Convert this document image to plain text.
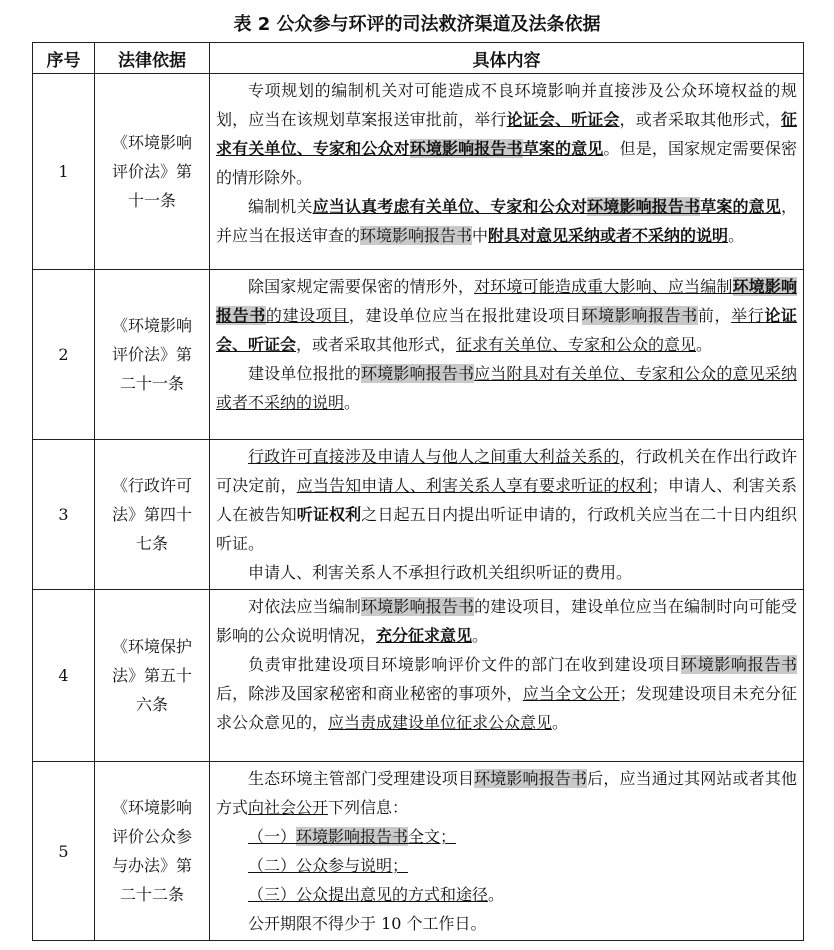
表 2 公众参与环评的司法救济渠道及法条依据
序号	法律依据	具体内容
1	《环境影响评价法》第十一条	专项规划的编制机关对可能造成不良环境影响并直接涉及公众环境权益的规划，应当在该规划草案报送审批前，举行论证会、听证会，或者采取其他形式，征求有关单位、专家和公众对环境影响报告书草案的意见。但是，国家规定需要保密的情形除外。

编制机关应当认真考虑有关单位、专家和公众对环境影响报告书草案的意见，并应当在报送审查的环境影响报告书中附具对意见采纳或者不采纳的说明。

2	《环境影响评价法》第二十一条	除国家规定需要保密的情形外，对环境可能造成重大影响、应当编制环境影响报告书的建设项目，建设单位应当在报批建设项目环境影响报告书前，举行论证会、听证会，或者采取其他形式，征求有关单位、专家和公众的意见。

建设单位报批的环境影响报告书应当附具对有关单位、专家和公众的意见采纳或者不采纳的说明。

3	《行政许可法》第四十七条	行政许可直接涉及申请人与他人之间重大利益关系的，行政机关在作出行政许可决定前，应当告知申请人、利害关系人享有要求听证的权利；申请人、利害关系人在被告知听证权利之日起五日内提出听证申请的，行政机关应当在二十日内组织听证。

申请人、利害关系人不承担行政机关组织听证的费用。

4	《环境保护法》第五十六条	对依法应当编制环境影响报告书的建设项目，建设单位应当在编制时向可能受影响的公众说明情况，充分征求意见。

负责审批建设项目环境影响评价文件的部门在收到建设项目环境影响报告书后，除涉及国家秘密和商业秘密的事项外，应当全文公开；发现建设项目未充分征求公众意见的，应当责成建设单位征求公众意见。

5	《环境影响评价公众参与办法》第二十二条	生态环境主管部门受理建设项目环境影响报告书后，应当通过其网站或者其他方式向社会公开下列信息：

（一）环境影响报告书全文；

（二）公众参与说明；

（三）公众提出意见的方式和途径。

公开期限不得少于 10 个工作日。
